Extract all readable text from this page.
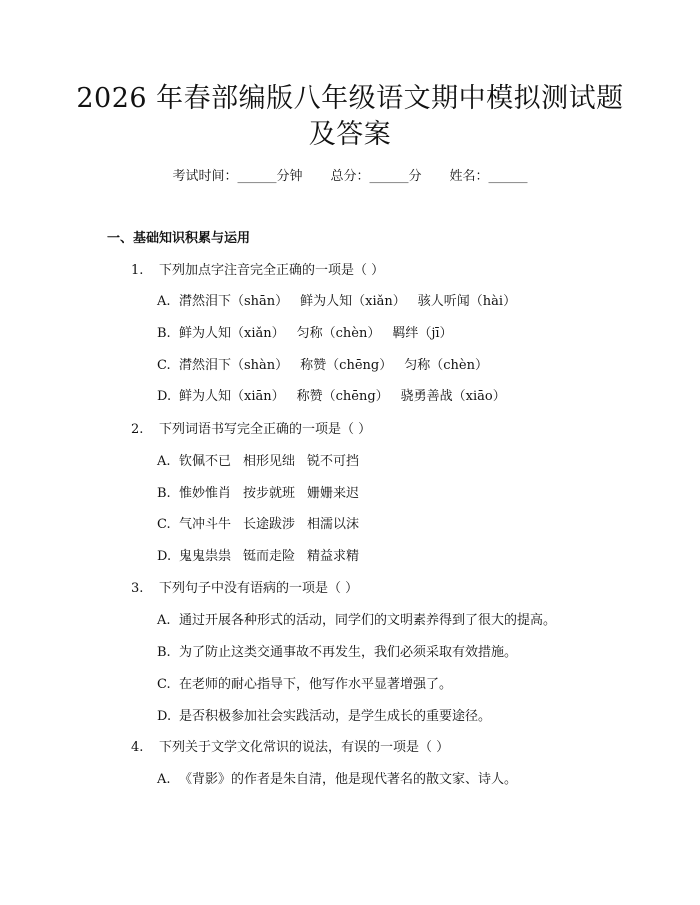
2026 年春部编版八年级语文期中模拟测试题
及答案
考试时间：______分钟 总分：______分 姓名：______
一、基础知识积累与运用
1. 下列加点字注音完全正确的一项是（ ）
A. 潸然泪下（shān） 鲜为人知（xiǎn） 骇人听闻（hài）
B. 鲜为人知（xiǎn） 匀称（chèn） 羁绊（jī）
C. 潸然泪下（shàn） 称赞（chēng） 匀称（chèn）
D. 鲜为人知（xiān） 称赞（chēng） 骁勇善战（xiāo）
2. 下列词语书写完全正确的一项是（ ）
A. 钦佩不已 相形见绌 锐不可挡
B. 惟妙惟肖 按步就班 姗姗来迟
C. 气冲斗牛 长途跋涉 相濡以沫
D. 鬼鬼祟祟 铤而走险 精益求精
3. 下列句子中没有语病的一项是（ ）
A. 通过开展各种形式的活动，同学们的文明素养得到了很大的提高。
B. 为了防止这类交通事故不再发生，我们必须采取有效措施。
C. 在老师的耐心指导下，他写作水平显著增强了。
D. 是否积极参加社会实践活动，是学生成长的重要途径。
4. 下列关于文学文化常识的说法，有误的一项是（ ）
A. 《背影》的作者是朱自清，他是现代著名的散文家、诗人。
